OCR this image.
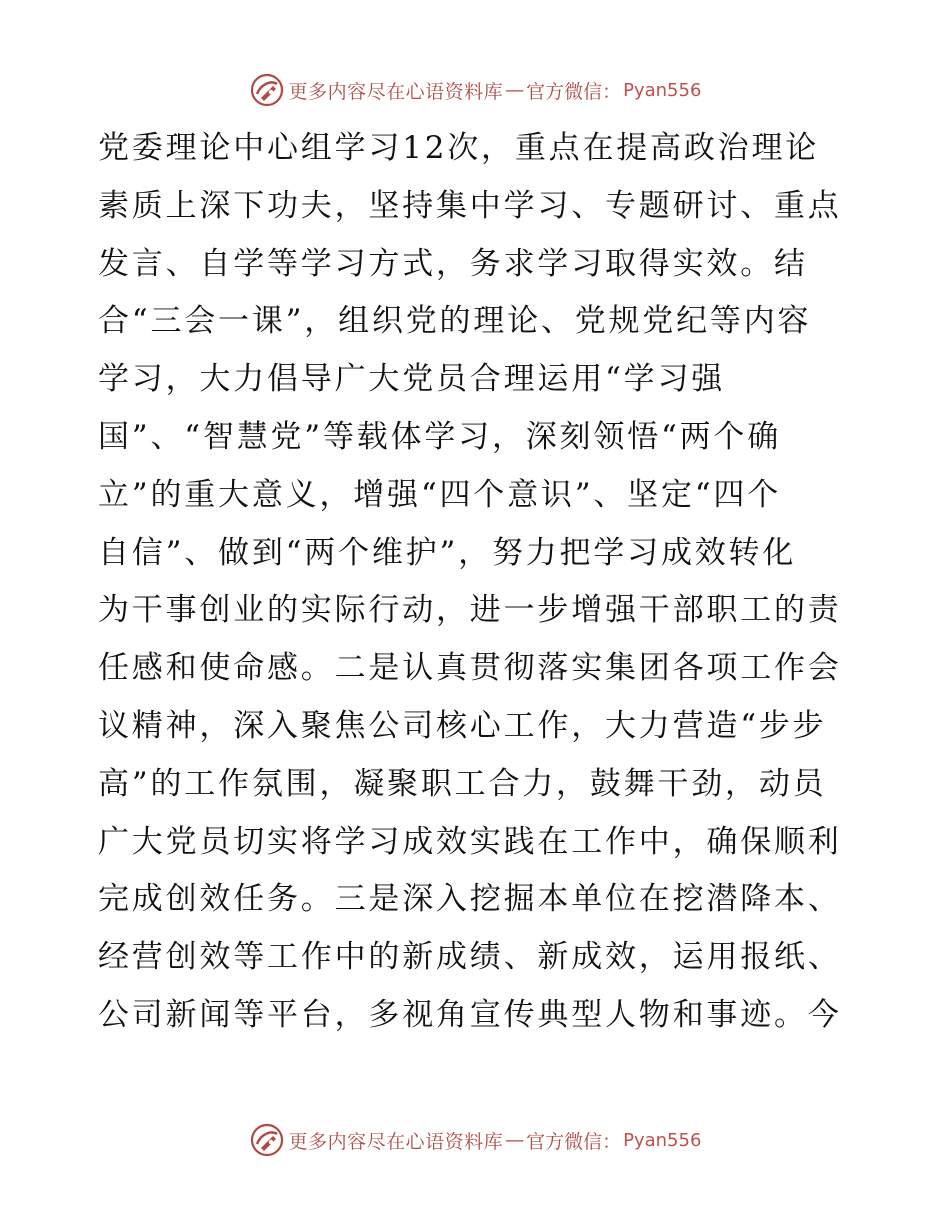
更多内容尽在心语资料库 — 官方微信： Pyan556
党委理论中心组学习12次，重点在提高政治理论
素质上深下功夫，坚持集中学习、专题研讨、重点
发言、自学等学习方式，务求学习取得实效。结
合“三会一课”，组织党的理论、党规党纪等内容
学习，大力倡导广大党员合理运用“学习强
国”、“智慧党”等载体学习，深刻领悟“两个确
立”的重大意义，增强“四个意识”、坚定“四个
自信”、做到“两个维护”，努力把学习成效转化
为干事创业的实际行动，进一步增强干部职工的责
任感和使命感。二是认真贯彻落实集团各项工作会
议精神，深入聚焦公司核心工作，大力营造“步步
高”的工作氛围，凝聚职工合力，鼓舞干劲，动员
广大党员切实将学习成效实践在工作中，确保顺利
完成创效任务。三是深入挖掘本单位在挖潜降本、
经营创效等工作中的新成绩、新成效，运用报纸、
公司新闻等平台，多视角宣传典型人物和事迹。今
更多内容尽在心语资料库 — 官方微信： Pyan556
